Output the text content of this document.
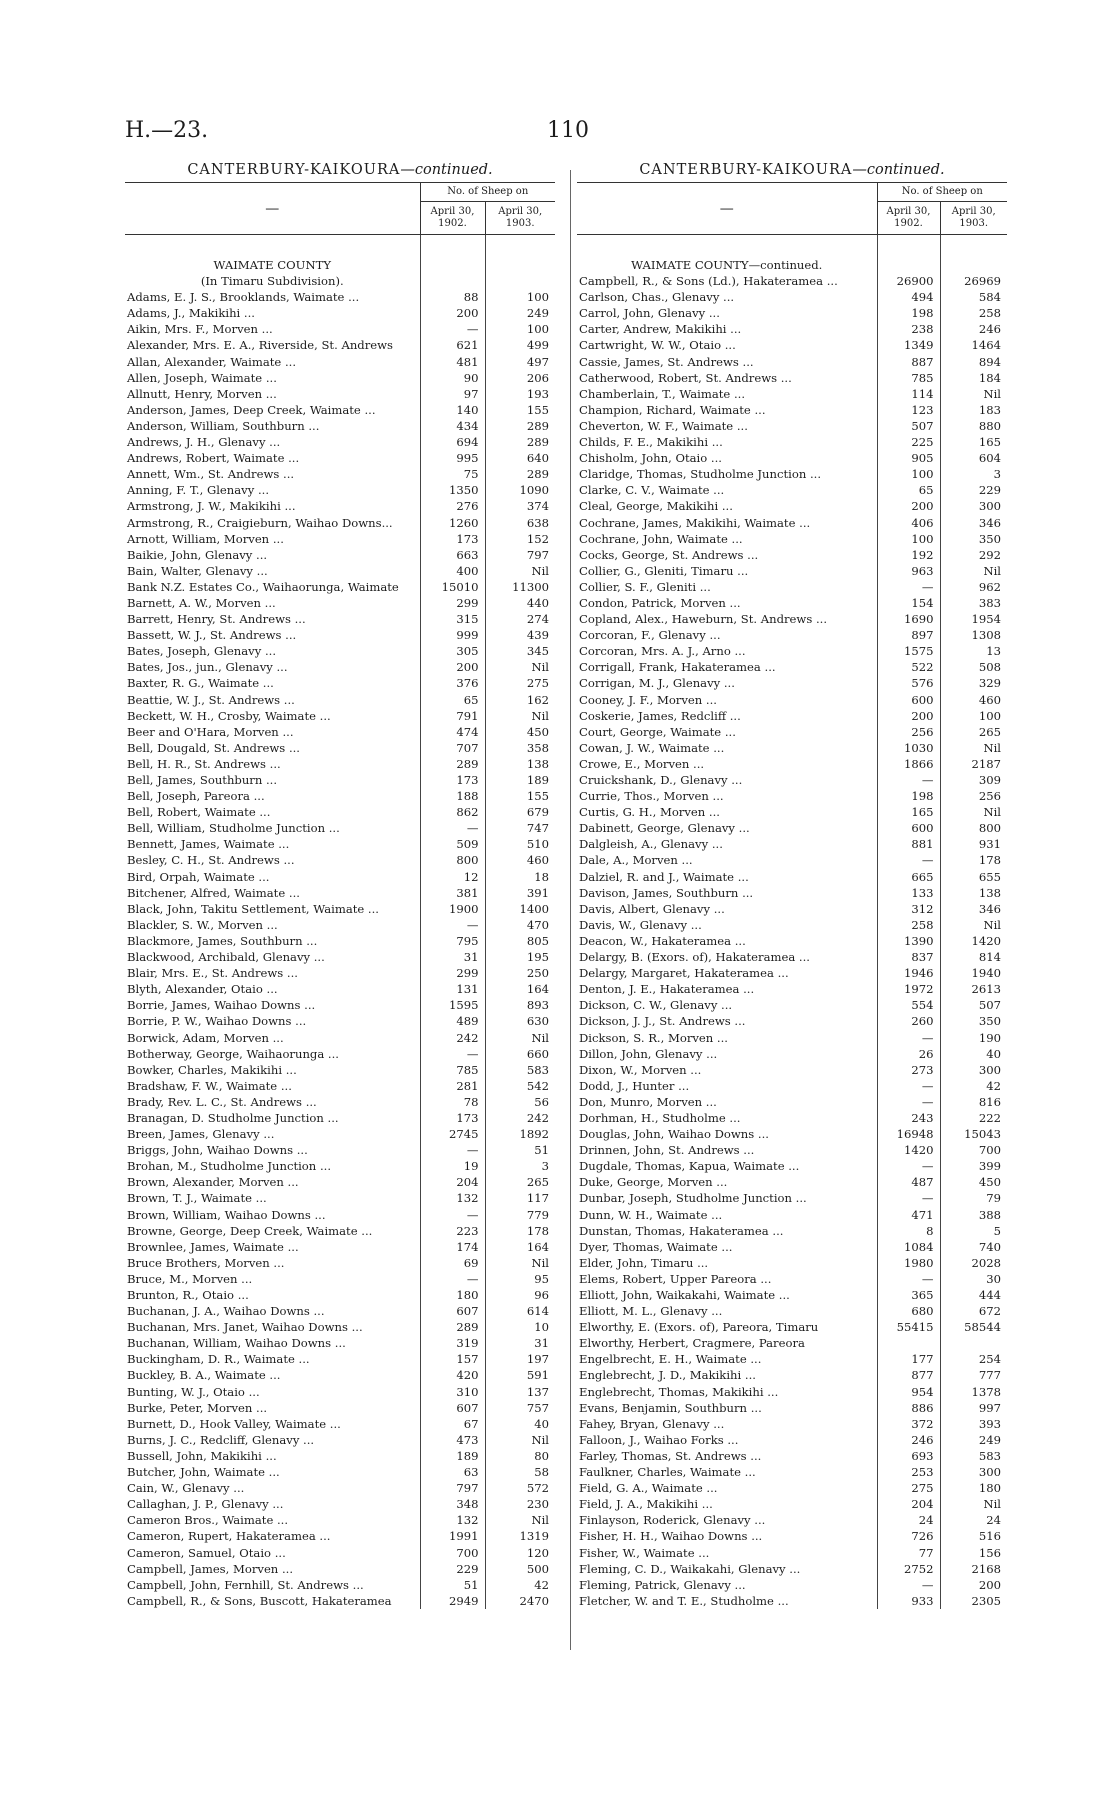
H.—23.	110
CANTERBURY-KAIKOURA—continued.
—	No. of Sheep on	
	April 30, 1902.	April 30, 1903.

WAIMATE COUNTY		
(In Timaru Subdivision).		
Adams, E. J. S., Brooklands, Waimate ...	88	100
Adams, J., Makikihi ...	200	249
Aikin, Mrs. F., Morven ...	—	100
Alexander, Mrs. E. A., Riverside, St. Andrews	621	499
Allan, Alexander, Waimate ...	481	497
Allen, Joseph, Waimate ...	90	206
Allnutt, Henry, Morven ...	97	193
Anderson, James, Deep Creek, Waimate ...	140	155
Anderson, William, Southburn ...	434	289
Andrews, J. H., Glenavy ...	694	289
Andrews, Robert, Waimate ...	995	640
Annett, Wm., St. Andrews ...	75	289
Anning, F. T., Glenavy ...	1350	1090
Armstrong, J. W., Makikihi ...	276	374
Armstrong, R., Craigieburn, Waihao Downs...	1260	638
Arnott, William, Morven ...	173	152
Baikie, John, Glenavy ...	663	797
Bain, Walter, Glenavy ...	400	Nil
Bank N.Z. Estates Co., Waihaorunga, Waimate	15010	11300
Barnett, A. W., Morven ...	299	440
Barrett, Henry, St. Andrews ...	315	274
Bassett, W. J., St. Andrews ...	999	439
Bates, Joseph, Glenavy ...	305	345
Bates, Jos., jun., Glenavy ...	200	Nil
Baxter, R. G., Waimate ...	376	275
Beattie, W. J., St. Andrews ...	65	162
Beckett, W. H., Crosby, Waimate ...	791	Nil
Beer and O'Hara, Morven ...	474	450
Bell, Dougald, St. Andrews ...	707	358
Bell, H. R., St. Andrews ...	289	138
Bell, James, Southburn ...	173	189
Bell, Joseph, Pareora ...	188	155
Bell, Robert, Waimate ...	862	679
Bell, William, Studholme Junction ...	—	747
Bennett, James, Waimate ...	509	510
Besley, C. H., St. Andrews ...	800	460
Bird, Orpah, Waimate ...	12	18
Bitchener, Alfred, Waimate ...	381	391
Black, John, Takitu Settlement, Waimate ...	1900	1400
Blackler, S. W., Morven ...	—	470
Blackmore, James, Southburn ...	795	805
Blackwood, Archibald, Glenavy ...	31	195
Blair, Mrs. E., St. Andrews ...	299	250
Blyth, Alexander, Otaio ...	131	164
Borrie, James, Waihao Downs ...	1595	893
Borrie, P. W., Waihao Downs ...	489	630
Borwick, Adam, Morven ...	242	Nil
Botherway, George, Waihaorunga ...	—	660
Bowker, Charles, Makikihi ...	785	583
Bradshaw, F. W., Waimate ...	281	542
Brady, Rev. L. C., St. Andrews ...	78	56
Branagan, D. Studholme Junction ...	173	242
Breen, James, Glenavy ...	2745	1892
Briggs, John, Waihao Downs ...	—	51
Brohan, M., Studholme Junction ...	19	3
Brown, Alexander, Morven ...	204	265
Brown, T. J., Waimate ...	132	117
Brown, William, Waihao Downs ...	—	779
Browne, George, Deep Creek, Waimate ...	223	178
Brownlee, James, Waimate ...	174	164
Bruce Brothers, Morven ...	69	Nil
Bruce, M., Morven ...	—	95
Brunton, R., Otaio ...	180	96
Buchanan, J. A., Waihao Downs ...	607	614
Buchanan, Mrs. Janet, Waihao Downs ...	289	10
Buchanan, William, Waihao Downs ...	319	31
Buckingham, D. R., Waimate ...	157	197
Buckley, B. A., Waimate ...	420	591
Bunting, W. J., Otaio ...	310	137
Burke, Peter, Morven ...	607	757
Burnett, D., Hook Valley, Waimate ...	67	40
Burns, J. C., Redcliff, Glenavy ...	473	Nil
Bussell, John, Makikihi ...	189	80
Butcher, John, Waimate ...	63	58
Cain, W., Glenavy ...	797	572
Callaghan, J. P., Glenavy ...	348	230
Cameron Bros., Waimate ...	132	Nil
Cameron, Rupert, Hakateramea ...	1991	1319
Cameron, Samuel, Otaio ...	700	120
Campbell, James, Morven ...	229	500
Campbell, John, Fernhill, St. Andrews ...	51	42
Campbell, R., & Sons, Buscott, Hakateramea	2949	2470
CANTERBURY-KAIKOURA—continued.
—	No. of Sheep on	
	April 30, 1902.	April 30, 1903.

WAIMATE COUNTY—continued.		
Campbell, R., & Sons (Ld.), Hakateramea ...	26900	26969
Carlson, Chas., Glenavy ...	494	584
Carrol, John, Glenavy ...	198	258
Carter, Andrew, Makikihi ...	238	246
Cartwright, W. W., Otaio ...	1349	1464
Cassie, James, St. Andrews ...	887	894
Catherwood, Robert, St. Andrews ...	785	184
Chamberlain, T., Waimate ...	114	Nil
Champion, Richard, Waimate ...	123	183
Cheverton, W. F., Waimate ...	507	880
Childs, F. E., Makikihi ...	225	165
Chisholm, John, Otaio ...	905	604
Claridge, Thomas, Studholme Junction ...	100	3
Clarke, C. V., Waimate ...	65	229
Cleal, George, Makikihi ...	200	300
Cochrane, James, Makikihi, Waimate ...	406	346
Cochrane, John, Waimate ...	100	350
Cocks, George, St. Andrews ...	192	292
Collier, G., Gleniti, Timaru ...	963	Nil
Collier, S. F., Gleniti ...	—	962
Condon, Patrick, Morven ...	154	383
Copland, Alex., Haweburn, St. Andrews ...	1690	1954
Corcoran, F., Glenavy ...	897	1308
Corcoran, Mrs. A. J., Arno ...	1575	13
Corrigall, Frank, Hakateramea ...	522	508
Corrigan, M. J., Glenavy ...	576	329
Cooney, J. F., Morven ...	600	460
Coskerie, James, Redcliff ...	200	100
Court, George, Waimate ...	256	265
Cowan, J. W., Waimate ...	1030	Nil
Crowe, E., Morven ...	1866	2187
Cruickshank, D., Glenavy ...	—	309
Currie, Thos., Morven ...	198	256
Curtis, G. H., Morven ...	165	Nil
Dabinett, George, Glenavy ...	600	800
Dalgleish, A., Glenavy ...	881	931
Dale, A., Morven ...	—	178
Dalziel, R. and J., Waimate ...	665	655
Davison, James, Southburn ...	133	138
Davis, Albert, Glenavy ...	312	346
Davis, W., Glenavy ...	258	Nil
Deacon, W., Hakateramea ...	1390	1420
Delargy, B. (Exors. of), Hakateramea ...	837	814
Delargy, Margaret, Hakateramea ...	1946	1940
Denton, J. E., Hakateramea ...	1972	2613
Dickson, C. W., Glenavy ...	554	507
Dickson, J. J., St. Andrews ...	260	350
Dickson, S. R., Morven ...	—	190
Dillon, John, Glenavy ...	26	40
Dixon, W., Morven ...	273	300
Dodd, J., Hunter ...	—	42
Don, Munro, Morven ...	—	816
Dorhman, H., Studholme ...	243	222
Douglas, John, Waihao Downs ...	16948	15043
Drinnen, John, St. Andrews ...	1420	700
Dugdale, Thomas, Kapua, Waimate ...	—	399
Duke, George, Morven ...	487	450
Dunbar, Joseph, Studholme Junction ...	—	79
Dunn, W. H., Waimate ...	471	388
Dunstan, Thomas, Hakateramea ...	8	5
Dyer, Thomas, Waimate ...	1084	740
Elder, John, Timaru ...	1980	2028
Elems, Robert, Upper Pareora ...	—	30
Elliott, John, Waikakahi, Waimate ...	365	444
Elliott, M. L., Glenavy ...	680	672
Elworthy, E. (Exors. of), Pareora, Timaru	55415	58544
Elworthy, Herbert, Cragmere, Pareora		
Engelbrecht, E. H., Waimate ...	177	254
Englebrecht, J. D., Makikihi ...	877	777
Englebrecht, Thomas, Makikihi ...	954	1378
Evans, Benjamin, Southburn ...	886	997
Fahey, Bryan, Glenavy ...	372	393
Falloon, J., Waihao Forks ...	246	249
Farley, Thomas, St. Andrews ...	693	583
Faulkner, Charles, Waimate ...	253	300
Field, G. A., Waimate ...	275	180
Field, J. A., Makikihi ...	204	Nil
Finlayson, Roderick, Glenavy ...	24	24
Fisher, H. H., Waihao Downs ...	726	516
Fisher, W., Waimate ...	77	156
Fleming, C. D., Waikakahi, Glenavy ...	2752	2168
Fleming, Patrick, Glenavy ...	—	200
Fletcher, W. and T. E., Studholme ...	933	2305
